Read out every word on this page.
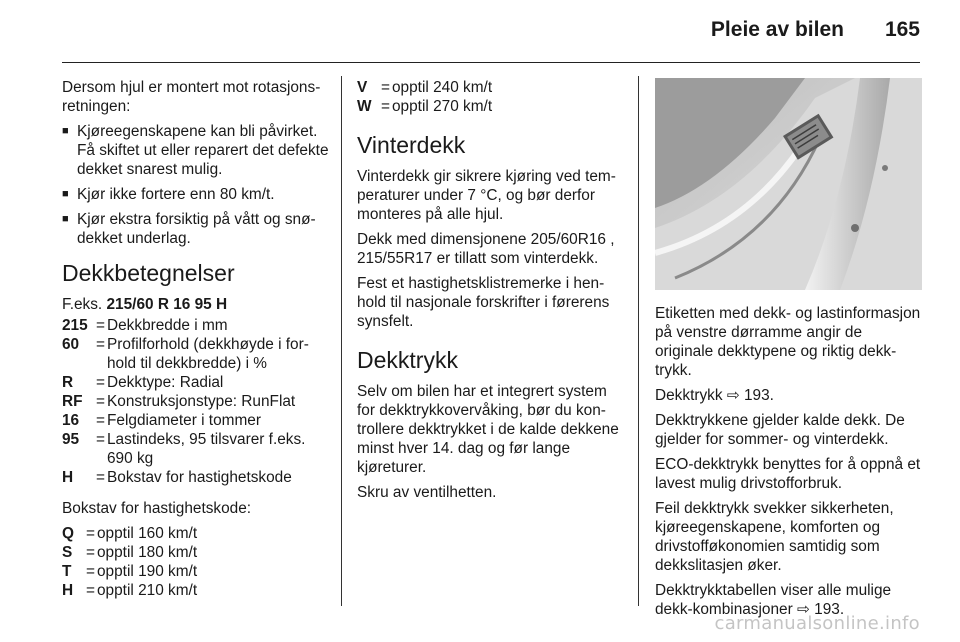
Pleie av bilen 165

Dersom hjul er montert mot rotasjonsretningen:

■ Kjøreegenskapene kan bli påvirket. Få skiftet ut eller reparert det defekte dekket snarest mulig.
■ Kjør ikke fortere enn 80 km/t.
■ Kjør ekstra forsiktig på vått og snødekket underlag.
Dekkbetegnelser

F.eks. 215/60 R 16 95 H

215 = Dekkbredde i mm
60	= Profilforhold (dekkhøyde i forhold til dekkbredde) i %
R	= Dekktype: Radial
RF = Konstruksjonstype: RunFlat
16	= Felgdiameter i tommer
95	= Lastindeks, 95 tilsvarer f.eks. 690 kg
H	= Bokstav for hastighetskode

Bokstav for hastighetskode:

Q = opptil 160 km/t
S = opptil 180 km/t
T = opptil 190 km/t
H = opptil 210 km/t
V = opptil 240 km/t
W = opptil 270 km/t
Vinterdekk

Vinterdekk gir sikrere kjøring ved temperaturer under 7 °C, og bør derfor monteres på alle hjul.

Dekk med dimensjonene 205/60R16 , 215/55R17 er tillatt som vinterdekk.

Fest et hastighetsklistremerke i henhold til nasjonale forskrifter i førerens synsfelt.

Dekktrykk

Selv om bilen har et integrert system for dekktrykkovervåking, bør du kontrollere dekktrykket i de kalde dekkene minst hver 14. dag og før lange kjøreturer.

Skru av ventilhetten.

Etiketten med dekk- og lastinformasjon på venstre dørramme angir de originale dekktypene og riktig dekktrykk.

Dekktrykk ⇨ 193.

Dekktrykkene gjelder kalde dekk. De gjelder for sommer- og vinterdekk.

ECO-dekktrykk benyttes for å oppnå et lavest mulig drivstofforbruk.

Feil dekktrykk svekker sikkerheten, kjøreegenskapene, komforten og drivstofføkonomien samtidig som dekkslitasjen øker.

Dekktrykktabellen viser alle mulige dekk-kombinasjoner ⇨ 193.

carmanualsonline.info
